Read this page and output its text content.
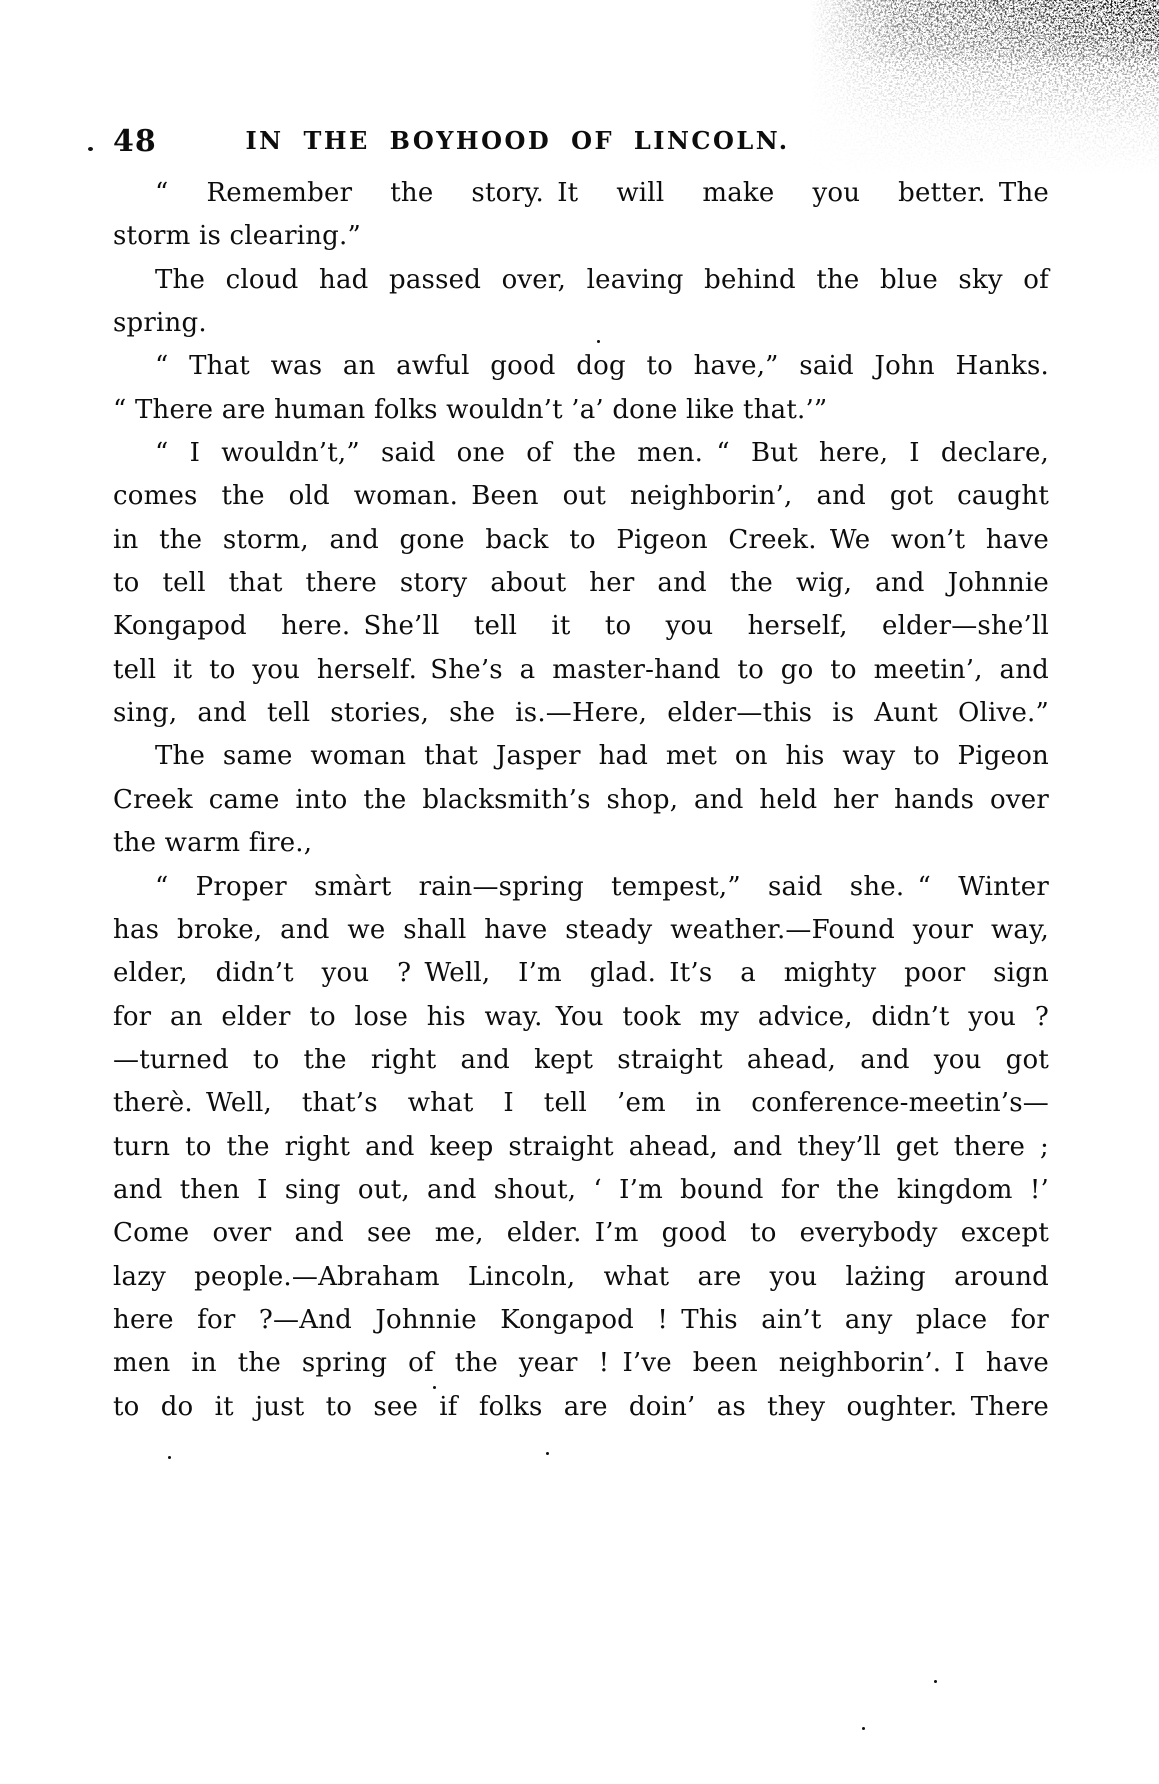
48	IN THE BOYHOOD OF LINCOLN.

“ Remember the story. It will make you better. The

storm is clearing.”

The cloud had passed over, leaving behind the blue sky of

spring.

“ That was an awful good dog to have,” said John Hanks.

“ There are human folks wouldn’t ’a’ done like that.’”

“ I wouldn’t,” said one of the men. “ But here, I declare,

comes the old woman. Been out neighborin’, and got caught

in the storm, and gone back to Pigeon Creek. We won’t have

to tell that there story about her and the wig, and Johnnie

Kongapod here. She’ll tell it to you herself, elder—she’ll

tell it to you herself. She’s a master-hand to go to meetin’, and

sing, and tell stories, she is.—Here, elder—this is Aunt Olive.”

The same woman that Jasper had met on his way to Pigeon

Creek came into the blacksmith’s shop, and held her hands over

the warm fire.,

“ Proper smàrt rain—spring tempest,” said she. “ Winter

has broke, and we shall have steady weather.—Found your way,

elder, didn’t you ? Well, I’m glad. It’s a mighty poor sign

for an elder to lose his way. You took my advice, didn’t you ?

—turned to the right and kept straight ahead, and you got

therè. Well, that’s what I tell ’em in conference-meetin’s—

turn to the right and keep straight ahead, and they’ll get there ;

and then I sing out, and shout, ‘ I’m bound for the kingdom !’

Come over and see me, elder. I’m good to everybody except

lazy people.—Abraham Lincoln, what are you lażing around

here for ?—And Johnnie Kongapod ! This ain’t any place for

men in the spring of the year ! I’ve been neighborin’. I have

to do it just to see if folks are doin’ as they oughter. There
